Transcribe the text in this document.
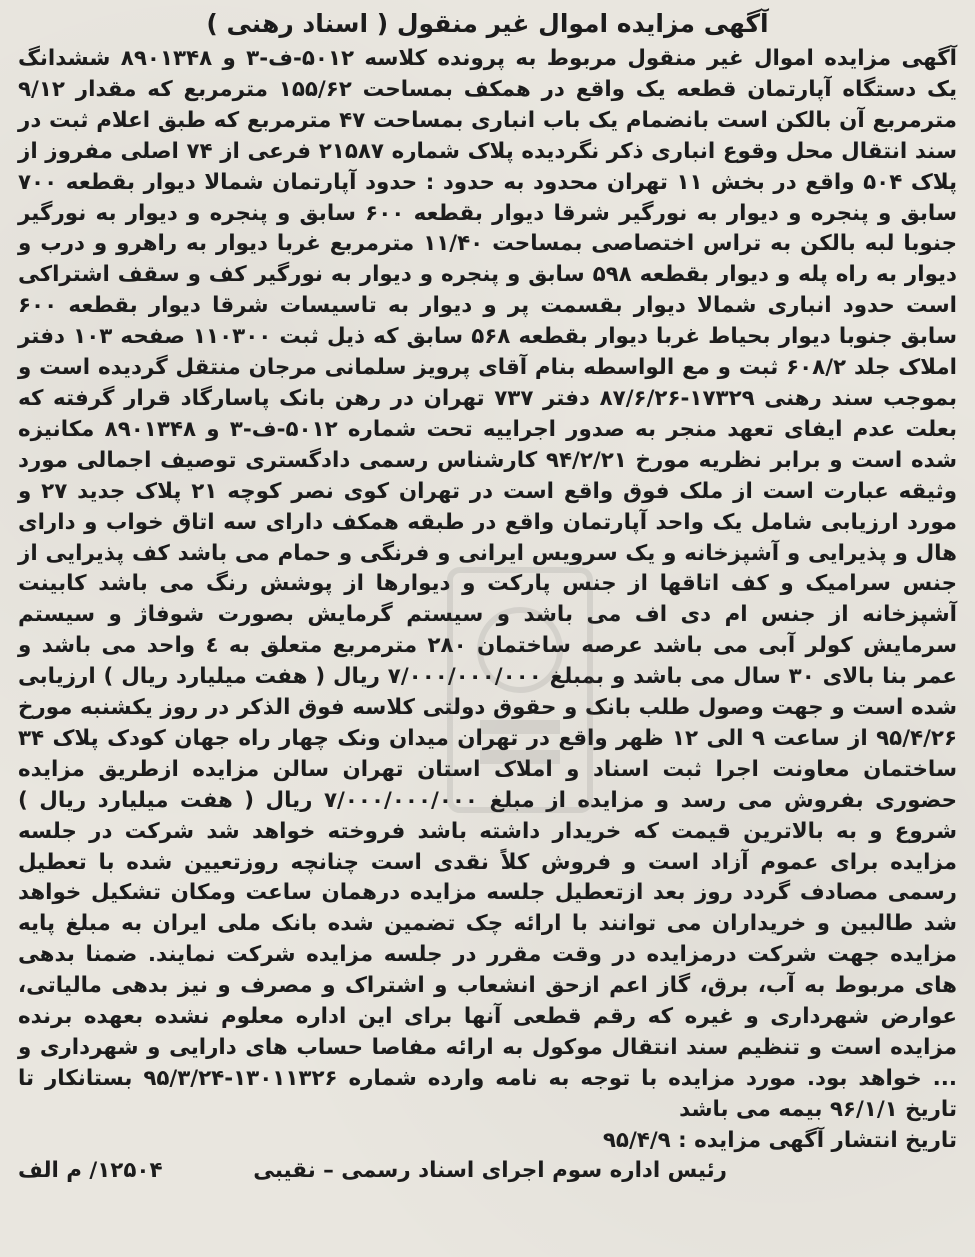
آگهی مزایده اموال غیر منقول ( اسناد رهنی )

آگهی مزایده اموال غیر منقول مربوط به پرونده کلاسه ۵۰۱۲-ف-۳ و ۸۹۰۱۳۴۸ ششدانگ یک دستگاه آپارتمان قطعه یک واقع در همکف بمساحت ۱۵۵/۶۲ مترمربع که مقدار ۹/۱۲ مترمربع آن بالکن است بانضمام یک باب انباری بمساحت ۴۷ مترمربع که طبق اعلام ثبت در سند انتقال محل وقوع انباری ذکر نگردیده پلاک شماره ۲۱۵۸۷ فرعی از ۷۴ اصلی مفروز از پلاک ۵۰۴ واقع در بخش ۱۱ تهران محدود به حدود : حدود آپارتمان شمالا دیوار بقطعه ۷۰۰ سابق و پنجره و دیوار به نورگیر شرقا دیوار بقطعه ۶۰۰ سابق و پنجره و دیوار به نورگیر جنوبا لبه بالکن به تراس اختصاصی بمساحت ۱۱/۴۰ مترمربع غربا دیوار به راهرو و درب و دیوار به راه پله و دیوار بقطعه ۵۹۸ سابق و پنجره و دیوار به نورگیر کف و سقف اشتراکی است حدود انباری شمالا دیوار بقسمت پر و دیوار به تاسیسات شرقا دیوار بقطعه ۶۰۰ سابق جنوبا دیوار بحیاط غربا دیوار بقطعه ۵۶۸ سابق که ذیل ثبت ۱۱۰۳۰۰ صفحه ۱۰۳ دفتر املاک جلد ۶۰۸/۲ ثبت و مع الواسطه بنام آقای پرویز سلمانی مرجان منتقل گردیده است و بموجب سند رهنی ۱۷۳۲۹-۸۷/۶/۲۶ دفتر ۷۳۷ تهران در رهن بانک پاسارگاد قرار گرفته که بعلت عدم ایفای تعهد منجر به صدور اجراییه تحت شماره ۵۰۱۲-ف-۳ و ۸۹۰۱۳۴۸ مکانیزه شده است و برابر نظریه مورخ ۹۴/۲/۲۱ کارشناس رسمی دادگستری توصیف اجمالی مورد وثیقه عبارت است از ملک فوق واقع است در تهران کوی نصر کوچه ۲۱ پلاک جدید ۲۷ و مورد ارزیابی شامل یک واحد آپارتمان واقع در طبقه همکف دارای سه اتاق خواب و دارای هال و پذیرایی و آشپزخانه و یک سرویس ایرانی و فرنگی و حمام می باشد کف پذیرایی از جنس سرامیک و کف اتاقها از جنس پارکت و دیوارها از پوشش رنگ می باشد کابینت آشپزخانه از جنس ام دی اف می باشد و سیستم گرمایش بصورت شوفاژ و سیستم سرمایش کولر آبی می باشد عرصه ساختمان ۲۸۰ مترمربع متعلق به ٤ واحد می باشد و عمر بنا بالای ۳۰ سال می باشد و بمبلغ ۷/۰۰۰/۰۰۰/۰۰۰ ریال ( هفت میلیارد ریال ) ارزیابی شده است و جهت وصول طلب بانک و حقوق دولتی کلاسه فوق الذکر در روز یکشنبه مورخ ۹۵/۴/۲۶ از ساعت ۹ الی ۱۲ ظهر واقع در تهران میدان ونک چهار راه جهان کودک پلاک ۳۴ ساختمان معاونت اجرا ثبت اسناد و املاک استان تهران سالن مزایده ازطریق مزایده حضوری بفروش می رسد و مزایده از مبلغ ۷/۰۰۰/۰۰۰/۰۰۰ ریال ( هفت میلیارد ریال ) شروع و به بالاترین قیمت که خریدار داشته باشد فروخته خواهد شد شرکت در جلسه مزایده برای عموم آزاد است و فروش کلاً نقدی است چنانچه روزتعیین شده با تعطیل رسمی مصادف گردد روز بعد ازتعطیل جلسه مزایده درهمان ساعت ومکان تشکیل خواهد شد طالبین و خریداران می توانند با ارائه چک تضمین شده بانک ملی ایران به مبلغ پایه مزایده جهت شرکت درمزایده در وقت مقرر در جلسه مزایده شرکت نمایند. ضمنا بدهی های مربوط به آب، برق، گاز اعم ازحق انشعاب و اشتراک و مصرف و نیز بدهی مالیاتی، عوارض شهرداری و غیره که رقم قطعی آنها برای این اداره معلوم نشده بعهده برنده مزایده است و تنظیم سند انتقال موکول به ارائه مفاصا حساب های دارایی و شهرداری و ... خواهد بود. مورد مزایده با توجه به نامه وارده شماره ۱۳۰۱۱۳۲۶-۹۵/۳/۲۴ بستانکار تا تاریخ ۹۶/۱/۱ بیمه می باشد

تاریخ انتشار آگهی مزایده : ۹۵/۴/۹
رئیس اداره سوم اجرای اسناد رسمی – نقیبی
۱۲۵۰۴/ م الف
